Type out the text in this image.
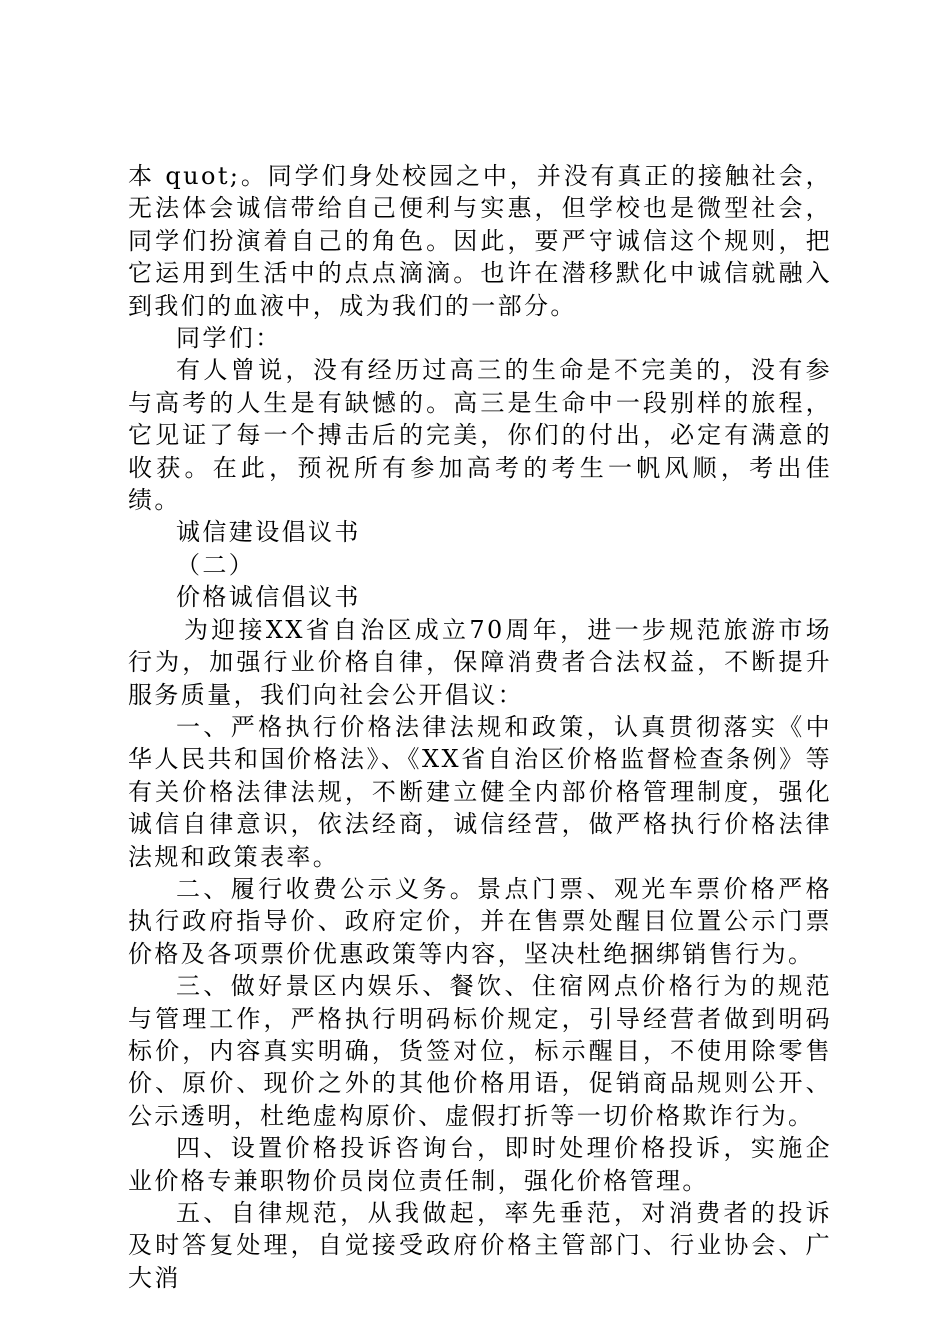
本 quot;。同学们身处校园之中，并没有真正的接触社会，无法体会诚信带给自己便利与实惠，但学校也是微型社会，同学们扮演着自己的角色。因此，要严守诚信这个规则，把它运用到生活中的点点滴滴。也许在潜移默化中诚信就融入到我们的血液中，成为我们的一部分。

同学们：

有人曾说，没有经历过高三的生命是不完美的，没有参与高考的人生是有缺憾的。高三是生命中一段别样的旅程，它见证了每一个搏击后的完美，你们的付出，必定有满意的收获。在此，预祝所有参加高考的考生一帆风顺，考出佳绩。

诚信建设倡议书

（二）

价格诚信倡议书

为迎接XX省自治区成立70周年，进一步规范旅游市场行为，加强行业价格自律，保障消费者合法权益，不断提升服务质量，我们向社会公开倡议：

一、严格执行价格法律法规和政策，认真贯彻落实《中华人民共和国价格法》、《XX省自治区价格监督检查条例》等有关价格法律法规，不断建立健全内部价格管理制度，强化诚信自律意识，依法经商，诚信经营，做严格执行价格法律法规和政策表率。

二、履行收费公示义务。景点门票、观光车票价格严格执行政府指导价、政府定价，并在售票处醒目位置公示门票价格及各项票价优惠政策等内容，坚决杜绝捆绑销售行为。

三、做好景区内娱乐、餐饮、住宿网点价格行为的规范与管理工作，严格执行明码标价规定，引导经营者做到明码标价，内容真实明确，货签对位，标示醒目，不使用除零售价、原价、现价之外的其他价格用语，促销商品规则公开、公示透明，杜绝虚构原价、虚假打折等一切价格欺诈行为。

四、设置价格投诉咨询台，即时处理价格投诉，实施企业价格专兼职物价员岗位责任制，强化价格管理。

五、自律规范，从我做起，率先垂范，对消费者的投诉及时答复处理，自觉接受政府价格主管部门、行业协会、广大消
